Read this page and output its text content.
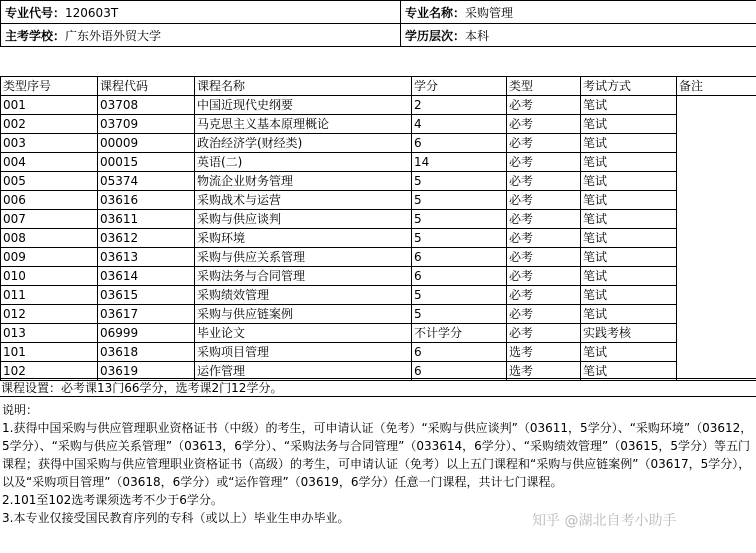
专业代号：120603T	专业名称：采购管理
主考学校：广东外语外贸大学	学历层次：本科
类型序号	课程代码	课程名称	学分	类型	考试方式	备注
001	03708	中国近现代史纲要	2	必考	笔试	
002	03709	马克思主义基本原理概论	4	必考	笔试	
003	00009	政治经济学(财经类)	6	必考	笔试	
004	00015	英语(二)	14	必考	笔试	
005	05374	物流企业财务管理	5	必考	笔试	
006	03616	采购战术与运营	5	必考	笔试	
007	03611	采购与供应谈判	5	必考	笔试	
008	03612	采购环境	5	必考	笔试	
009	03613	采购与供应关系管理	6	必考	笔试	
010	03614	采购法务与合同管理	6	必考	笔试	
011	03615	采购绩效管理	5	必考	笔试	
012	03617	采购与供应链案例	5	必考	笔试	
013	06999	毕业论文	不计学分	必考	实践考核	
101	03618	采购项目管理	6	选考	笔试	
102	03619	运作管理	6	选考	笔试	
课程设置：必考课13门66学分，选考课2门12学分。

说明：

1.获得中国采购与供应管理职业资格证书（中级）的考生，可申请认证（免考）“采购与供应谈判”（03611，5学分）、“采购环境”（03612，5学分）、“采购与供应关系管理”（03613，6学分）、“采购法务与合同管理”（033614，6学分）、“采购绩效管理”（03615，5学分）等五门课程；获得中国采购与供应管理职业资格证书（高级）的考生，可申请认证（免考）以上五门课程和“采购与供应链案例”（03617，5学分），以及“采购项目管理”（03618，6学分）或“运作管理”（03619，6学分）任意一门课程，共计七门课程。

2.101至102选考课须选考不少于6学分。

3.本专业仅接受国民教育序列的专科（或以上）毕业生申办毕业。	知乎 @湖北自考小助手
